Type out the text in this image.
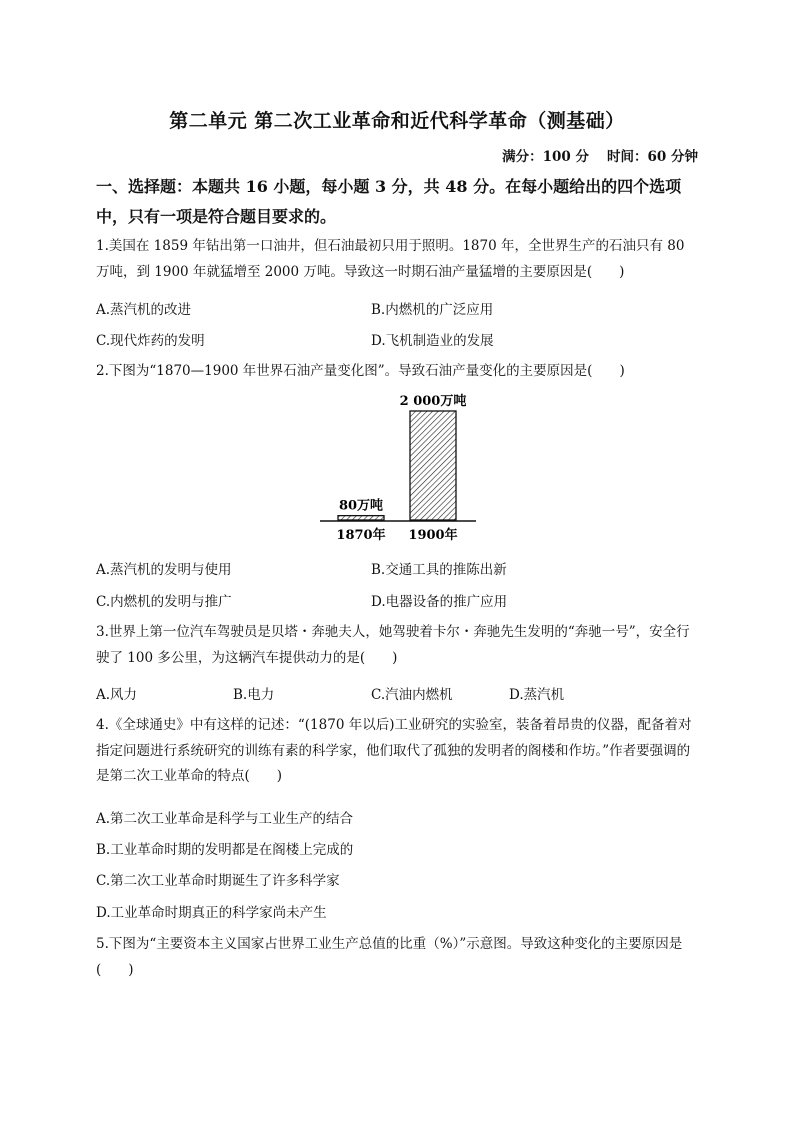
第二单元 第二次工业革命和近代科学革命（测基础）
满分：100 分 时间：60 分钟
一、选择题：本题共 16 小题，每小题 3 分，共 48 分。在每小题给出的四个选项中，只有一项是符合题目要求的。
1.美国在 1859 年钻出第一口油井，但石油最初只用于照明。1870 年，全世界生产的石油只有 80 万吨，到 1900 年就猛增至 2000 万吨。导致这一时期石油产量猛增的主要原因是(　　)
A.蒸汽机的改进	B.内燃机的广泛应用
C.现代炸药的发明	D.飞机制造业的发展
2.下图为“1870—1900 年世界石油产量变化图”。导致石油产量变化的主要原因是(　　)
80万吨
1870年
2 000万吨
1900年
A.蒸汽机的发明与使用	B.交通工具的推陈出新
C.内燃机的发明与推广	D.电器设备的推广应用
3.世界上第一位汽车驾驶员是贝塔・奔驰夫人，她驾驶着卡尔・奔驰先生发明的“奔驰一号”，安全行驶了 100 多公里，为这辆汽车提供动力的是(　　)
A.风力	B.电力	C.汽油内燃机	D.蒸汽机
4.《全球通史》中有这样的记述：“(1870 年以后)工业研究的实验室，装备着昂贵的仪器，配备着对指定问题进行系统研究的训练有素的科学家，他们取代了孤独的发明者的阁楼和作坊。”作者要强调的是第二次工业革命的特点(　　)
A.第二次工业革命是科学与工业生产的结合
B.工业革命时期的发明都是在阁楼上完成的
C.第二次工业革命时期诞生了许多科学家
D.工业革命时期真正的科学家尚未产生
5.下图为“主要资本主义国家占世界工业生产总值的比重（%）”示意图。导致这种变化的主要原因是(　　)
